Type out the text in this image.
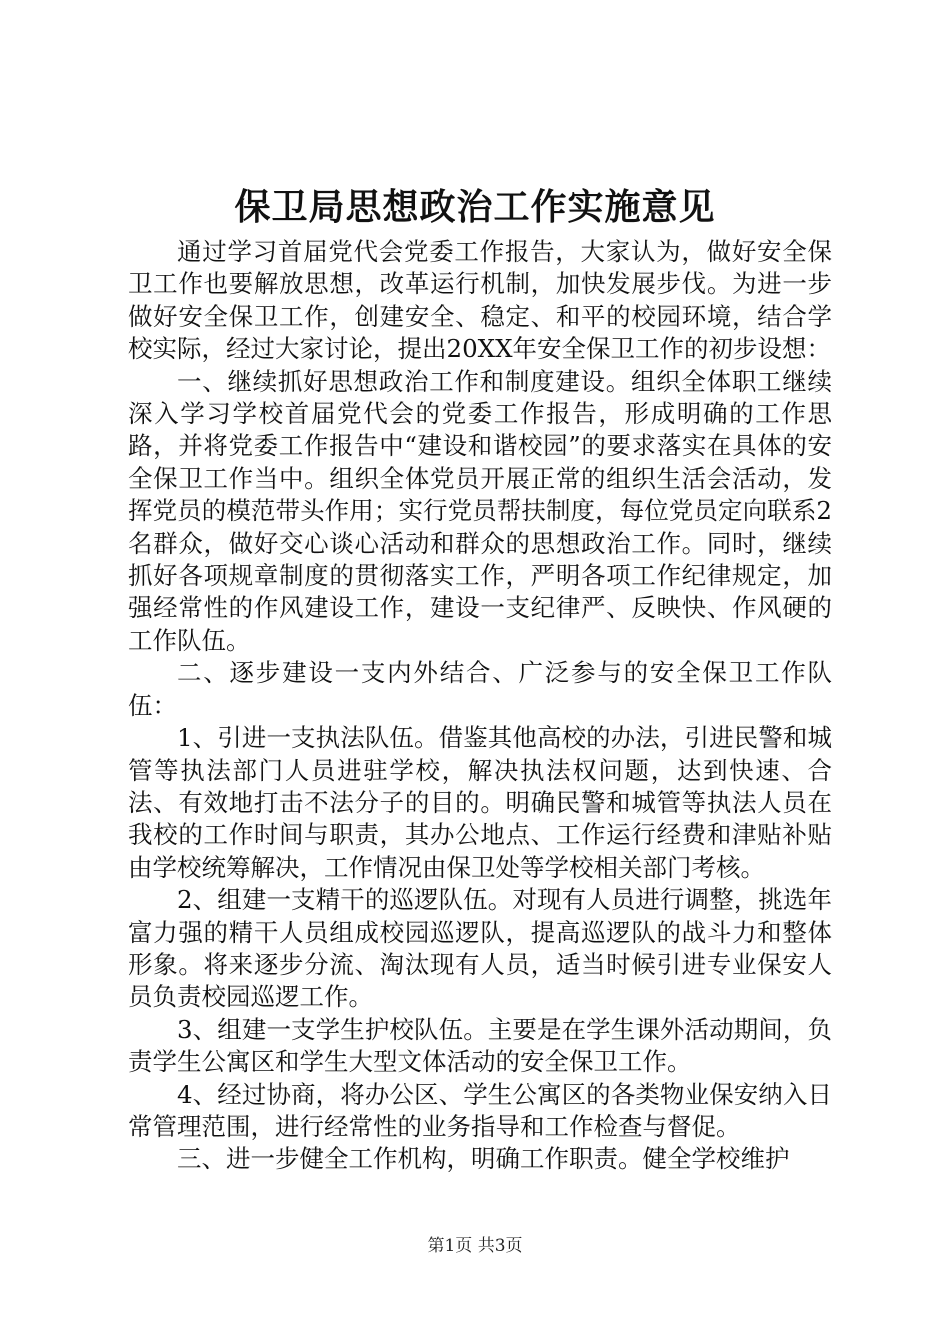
保卫局思想政治工作实施意见

通过学习首届党代会党委工作报告，大家认为，做好安全保卫工作也要解放思想，改革运行机制，加快发展步伐。为进一步做好安全保卫工作，创建安全、稳定、和平的校园环境，结合学校实际，经过大家讨论，提出20XX年安全保卫工作的初步设想：

一、继续抓好思想政治工作和制度建设。组织全体职工继续深入学习学校首届党代会的党委工作报告，形成明确的工作思路，并将党委工作报告中“建设和谐校园”的要求落实在具体的安全保卫工作当中。组织全体党员开展正常的组织生活会活动，发挥党员的模范带头作用；实行党员帮扶制度，每位党员定向联系2名群众，做好交心谈心活动和群众的思想政治工作。同时，继续抓好各项规章制度的贯彻落实工作，严明各项工作纪律规定，加强经常性的作风建设工作，建设一支纪律严、反映快、作风硬的工作队伍。

二、逐步建设一支内外结合、广泛参与的安全保卫工作队伍：

1、引进一支执法队伍。借鉴其他高校的办法，引进民警和城管等执法部门人员进驻学校，解决执法权问题，达到快速、合法、有效地打击不法分子的目的。明确民警和城管等执法人员在我校的工作时间与职责，其办公地点、工作运行经费和津贴补贴由学校统筹解决，工作情况由保卫处等学校相关部门考核。

2、组建一支精干的巡逻队伍。对现有人员进行调整，挑选年富力强的精干人员组成校园巡逻队，提高巡逻队的战斗力和整体形象。将来逐步分流、淘汰现有人员，适当时候引进专业保安人员负责校园巡逻工作。

3、组建一支学生护校队伍。主要是在学生课外活动期间，负责学生公寓区和学生大型文体活动的安全保卫工作。

4、经过协商，将办公区、学生公寓区的各类物业保安纳入日常管理范围，进行经常性的业务指导和工作检查与督促。

三、进一步健全工作机构，明确工作职责。健全学校维护

第1页 共3页
